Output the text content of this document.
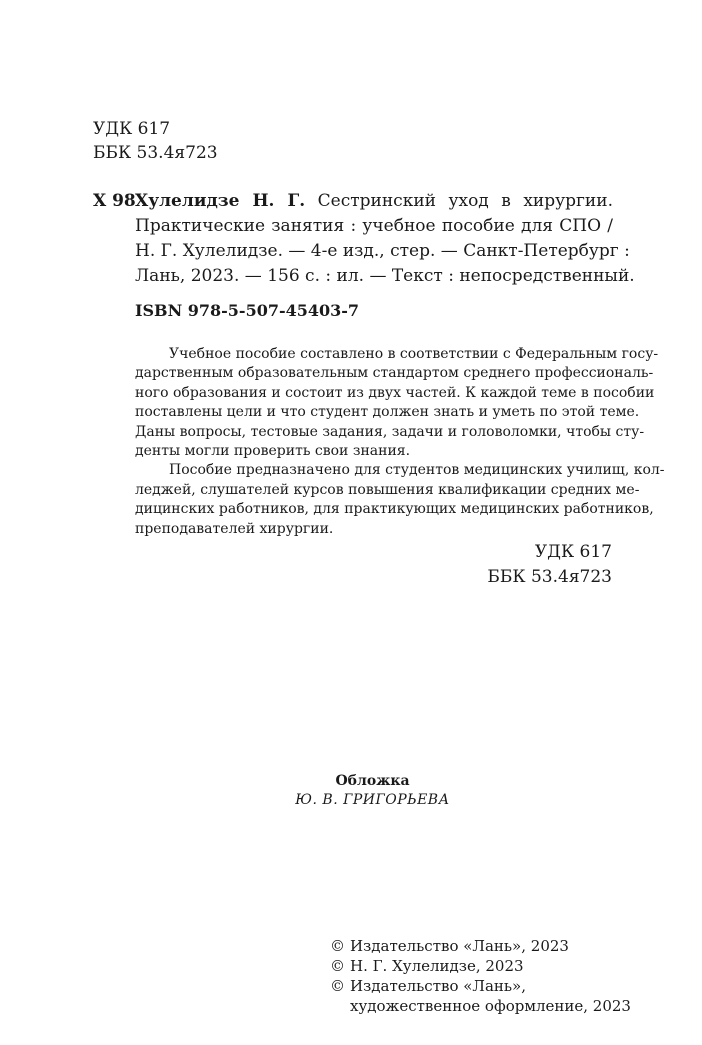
УДК 617
ББК 53.4я723
Х 98 Хулелидзе Н. Г. Сестринский уход в хирургии.
Практические занятия : учебное пособие для СПО /
Н. Г. Хулелидзе. — 4-е изд., стер. — Санкт-Петербург :
Лань, 2023. — 156 с. : ил. — Текст : непосредственный.
ISBN 978-5-507-45403-7
Учебное пособие составлено в соответствии с Федеральным госу-
дарственным образовательным стандартом среднего профессиональ-
ного образования и состоит из двух частей. К каждой теме в пособии
поставлены цели и что студент должен знать и уметь по этой теме.
Даны вопросы, тестовые задания, задачи и головоломки, чтобы сту-
денты могли проверить свои знания.
Пособие предназначено для студентов медицинских училищ, кол-
леджей, слушателей курсов повышения квалификации средних ме-
дицинских работников, для практикующих медицинских работников,
преподавателей хирургии.
УДК 617
ББК 53.4я723
Обложка
Ю. В. ГРИГОРЬЕВА
© Издательство «Лань», 2023
© Н. Г. Хулелидзе, 2023
© Издательство «Лань»,
художественное оформление, 2023
